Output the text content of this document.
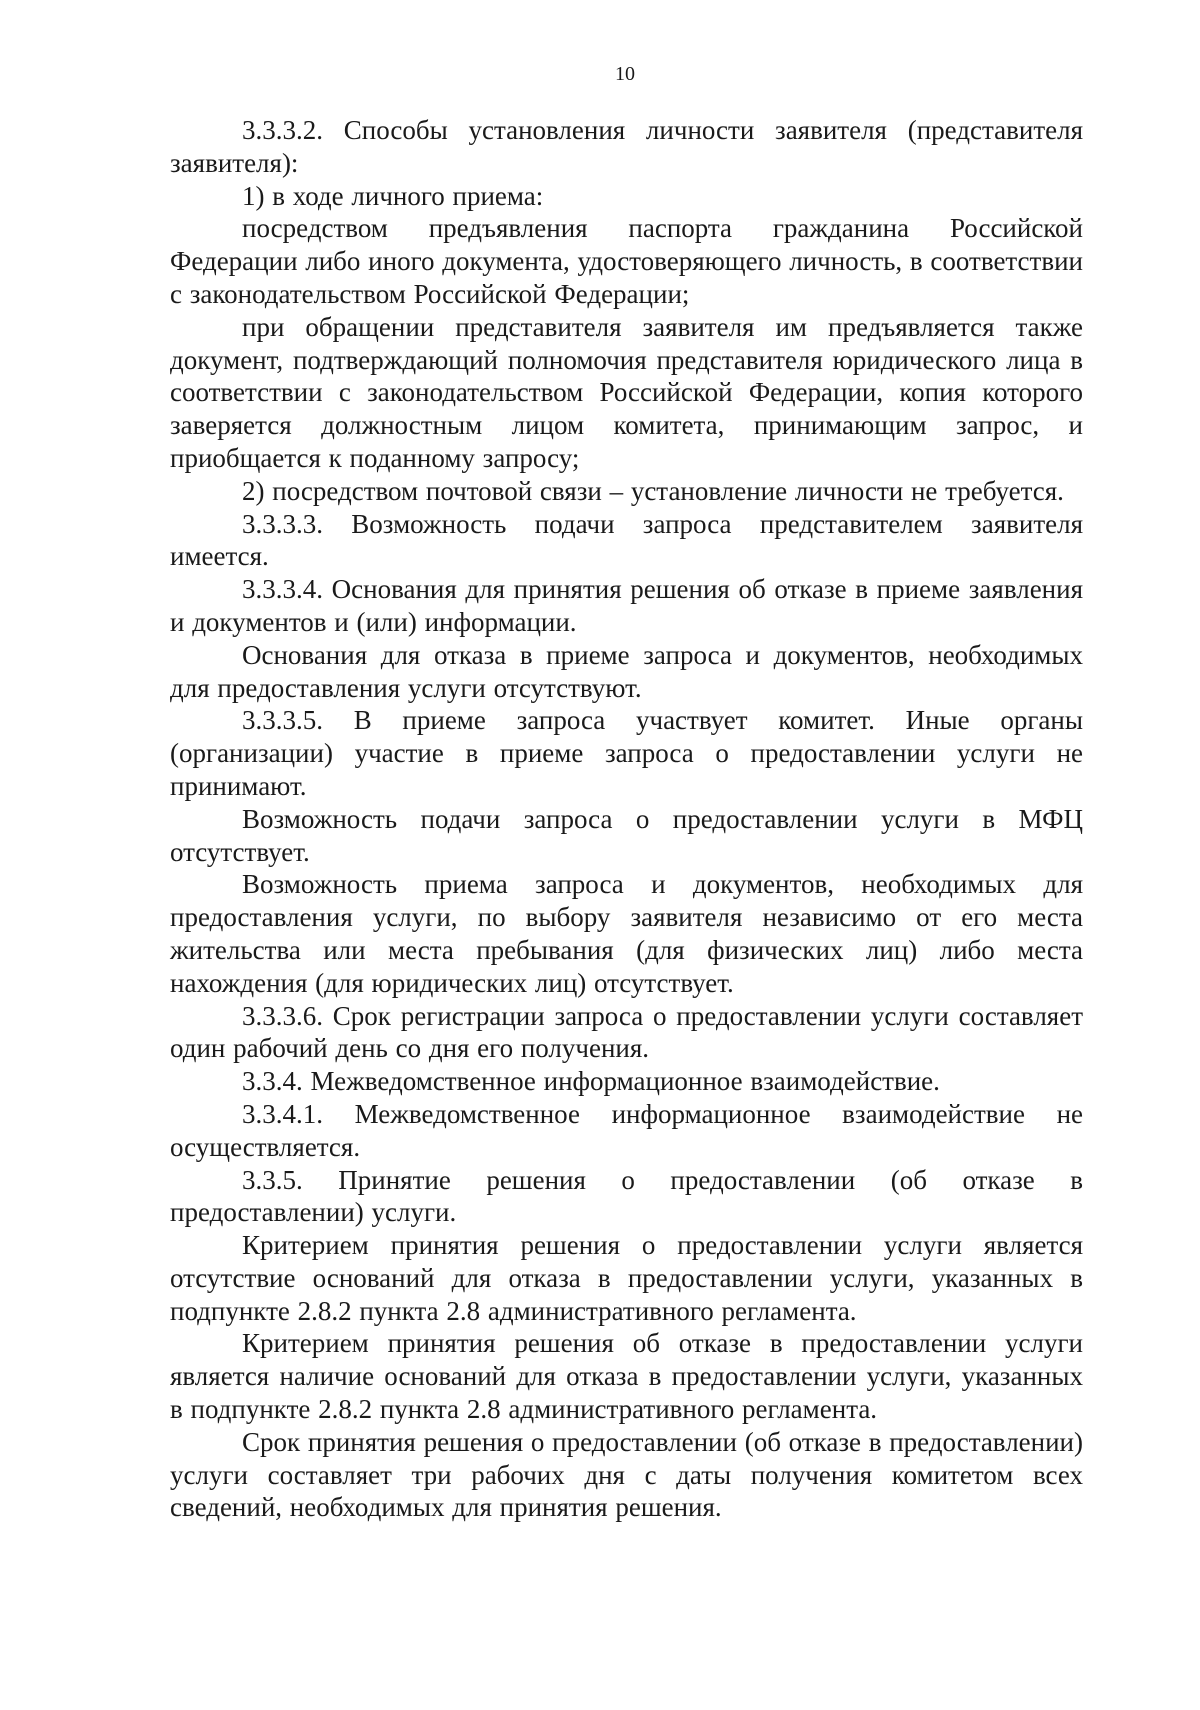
10

3.3.3.2. Способы установления личности заявителя (представителя заявителя):

1) в ходе личного приема:

посредством предъявления паспорта гражданина Российской Федерации либо иного документа, удостоверяющего личность, в соответствии с законодательством Российской Федерации;

при обращении представителя заявителя им предъявляется также документ, подтверждающий полномочия представителя юридического лица в соответствии с законодательством Российской Федерации, копия которого заверяется должностным лицом комитета, принимающим запрос, и приобщается к поданному запросу;

2) посредством почтовой связи – установление личности не требуется.

3.3.3.3. Возможность подачи запроса представителем заявителя имеется.

3.3.3.4. Основания для принятия решения об отказе в приеме заявления и документов и (или) информации.

Основания для отказа в приеме запроса и документов, необходимых для предоставления услуги отсутствуют.

3.3.3.5. В приеме запроса участвует комитет. Иные органы (организации) участие в приеме запроса о предоставлении услуги не принимают.

Возможность подачи запроса о предоставлении услуги в МФЦ отсутствует.

Возможность приема запроса и документов, необходимых для предоставления услуги, по выбору заявителя независимо от его места жительства или места пребывания (для физических лиц) либо места нахождения (для юридических лиц) отсутствует.

3.3.3.6. Срок регистрации запроса о предоставлении услуги составляет один рабочий день со дня его получения.

3.3.4. Межведомственное информационное взаимодействие.

3.3.4.1. Межведомственное информационное взаимодействие не осуществляется.

3.3.5. Принятие решения о предоставлении (об отказе в предоставлении) услуги.

Критерием принятия решения о предоставлении услуги является отсутствие оснований для отказа в предоставлении услуги, указанных в подпункте 2.8.2 пункта 2.8 административного регламента.

Критерием принятия решения об отказе в предоставлении услуги является наличие оснований для отказа в предоставлении услуги, указанных в подпункте 2.8.2 пункта 2.8 административного регламента.

Срок принятия решения о предоставлении (об отказе в предоставлении) услуги составляет три рабочих дня с даты получения комитетом всех сведений, необходимых для принятия решения.
